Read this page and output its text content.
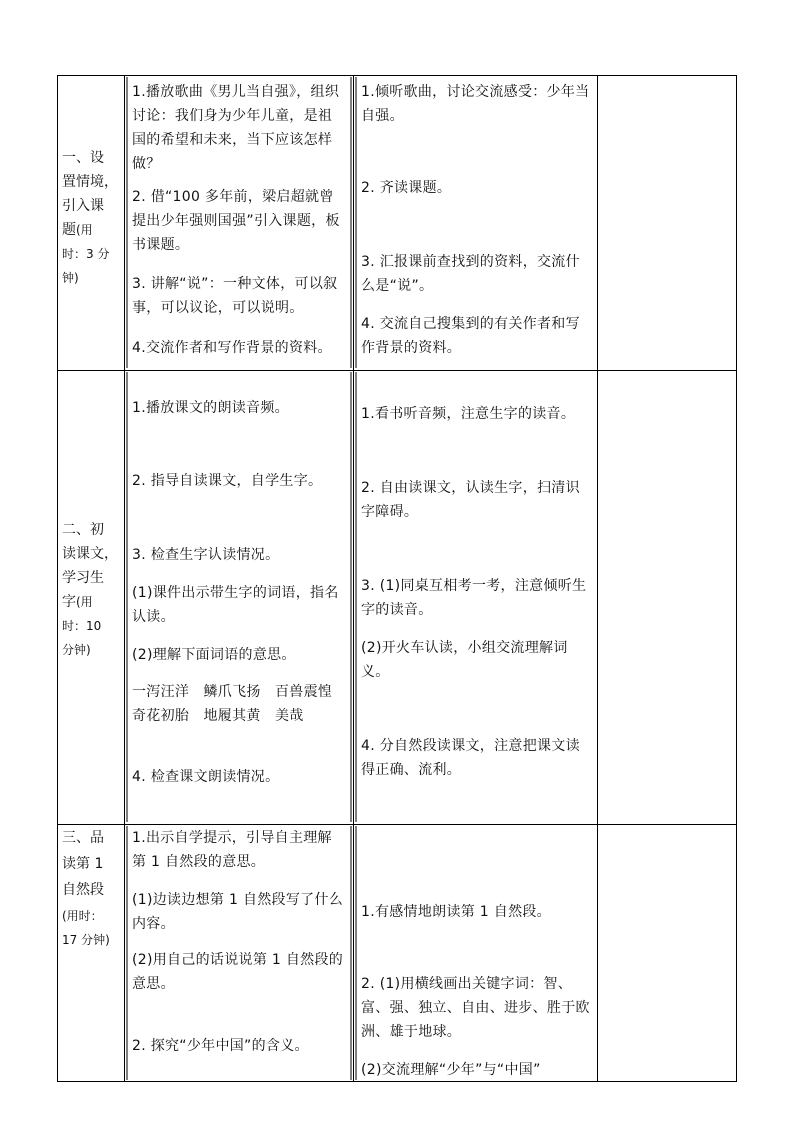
一、设
置情境，
引入课
题(用
时：3 分
钟)
1.播放歌曲《男儿当自强》，组织讨论：我们身为少年儿童，是祖国的希望和未来，当下应该怎样做？
2. 借“100 多年前，梁启超就曾提出少年强则国强”引入课题，板书课题。
3. 讲解“说”：一种文体，可以叙事，可以议论，可以说明。
4.交流作者和写作背景的资料。
1.倾听歌曲，讨论交流感受：少年当自强。
2. 齐读课题。
3. 汇报课前查找到的资料，交流什么是“说”。
4. 交流自己搜集到的有关作者和写作背景的资料。
二、初
读课文，
学习生
字(用
时：10
分钟)
1.播放课文的朗读音频。
2. 指导自读课文，自学生字。
3. 检查生字认读情况。
(1)课件出示带生字的词语，指名认读。
(2)理解下面词语的意思。
一泻汪洋　鳞爪飞扬　百兽震惶　奇花初胎　地履其黄　美哉
4. 检查课文朗读情况。
1.看书听音频，注意生字的读音。
2. 自由读课文，认读生字，扫清识字障碍。
3. (1)同桌互相考一考，注意倾听生字的读音。
(2)开火车认读，小组交流理解词义。
4. 分自然段读课文，注意把课文读得正确、流利。
三、品
读第 1
自然段
(用时：
17 分钟)
1.出示自学提示，引导自主理解第 1 自然段的意思。
(1)边读边想第 1 自然段写了什么内容。
(2)用自己的话说说第 1 自然段的意思。
2. 探究“少年中国”的含义。
1.有感情地朗读第 1 自然段。
2. (1)用横线画出关键字词：智、富、强、独立、自由、进步、胜于欧洲、雄于地球。
(2)交流理解“少年”与“中国”
